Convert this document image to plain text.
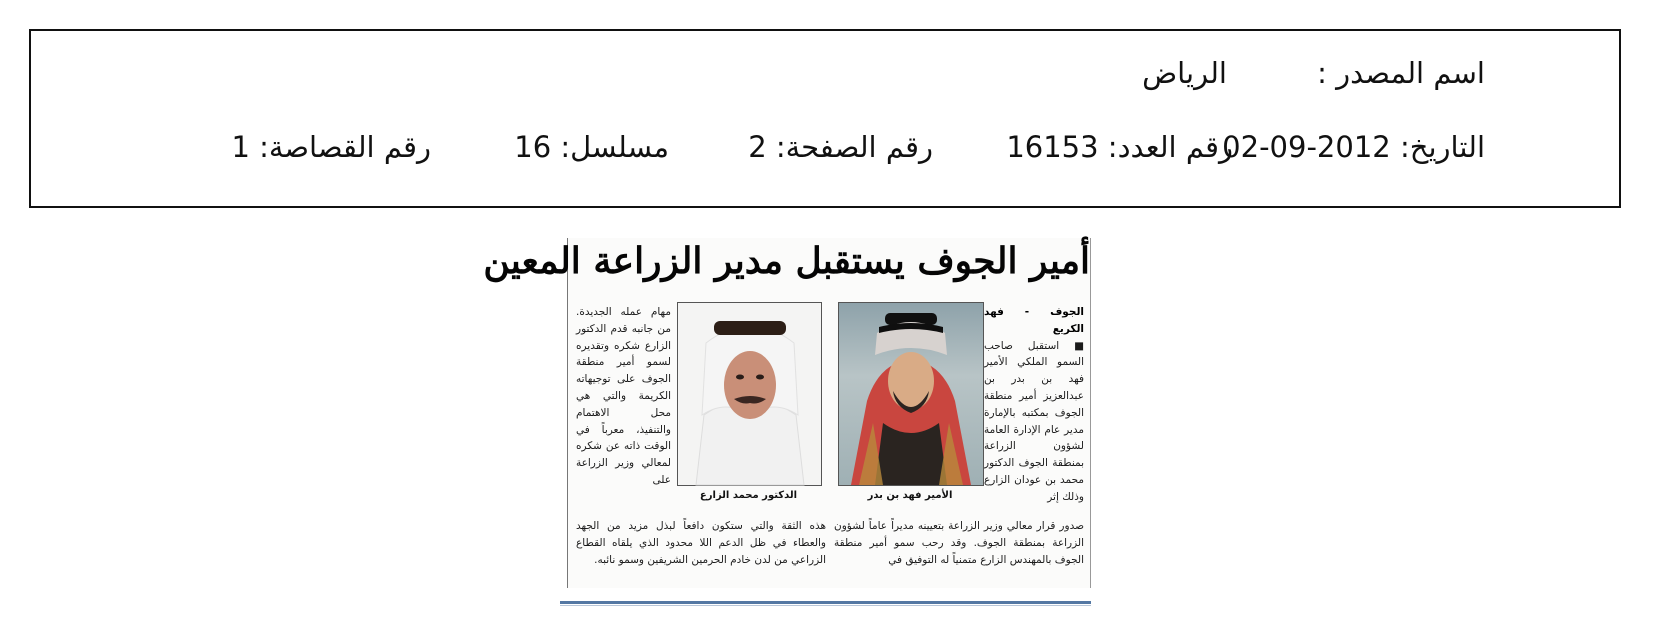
اسم المصدر :
الرياض
التاريخ: 2012-09-02
رقم العدد: 16153
رقم الصفحة: 2
مسلسل: 16
رقم القصاصة: 1
أمير الجوف يستقبل مدير الزراعة المعين
الجوف - فهد الكريع
■ استقبل صاحب السمو الملكي الأمير فهد بن بدر بن عبدالعزيز أمير منطقة الجوف بمكتبه بالإمارة مدير عام الإدارة العامة لشؤون الزراعة بمنطقة الجوف الدكتور محمد بن عودان الزارع وذلك إثر
الأمير فهد بن بدر
الدكتور محمد الزارع
مهام عمله الجديدة. من جانبه قدم الدكتور الزارع شكره وتقديره لسمو أمير منطقة الجوف على توجيهاته الكريمة والتي هي محل الاهتمام والتنفيذ، معرباً في الوقت ذاته عن شكره لمعالي وزير الزراعة على
صدور قرار معالي وزير الزراعة بتعيينه مديراً عاماً لشؤون الزراعة بمنطقة الجوف. وقد رحب سمو أمير منطقة الجوف بالمهندس الزارع متمنياً له التوفيق في
هذه الثقة والتي ستكون دافعاً لبذل مزيد من الجهد والعطاء في ظل الدعم اللا محدود الذي يلقاه القطاع الزراعي من لدن خادم الحرمين الشريفين وسمو نائبه.
